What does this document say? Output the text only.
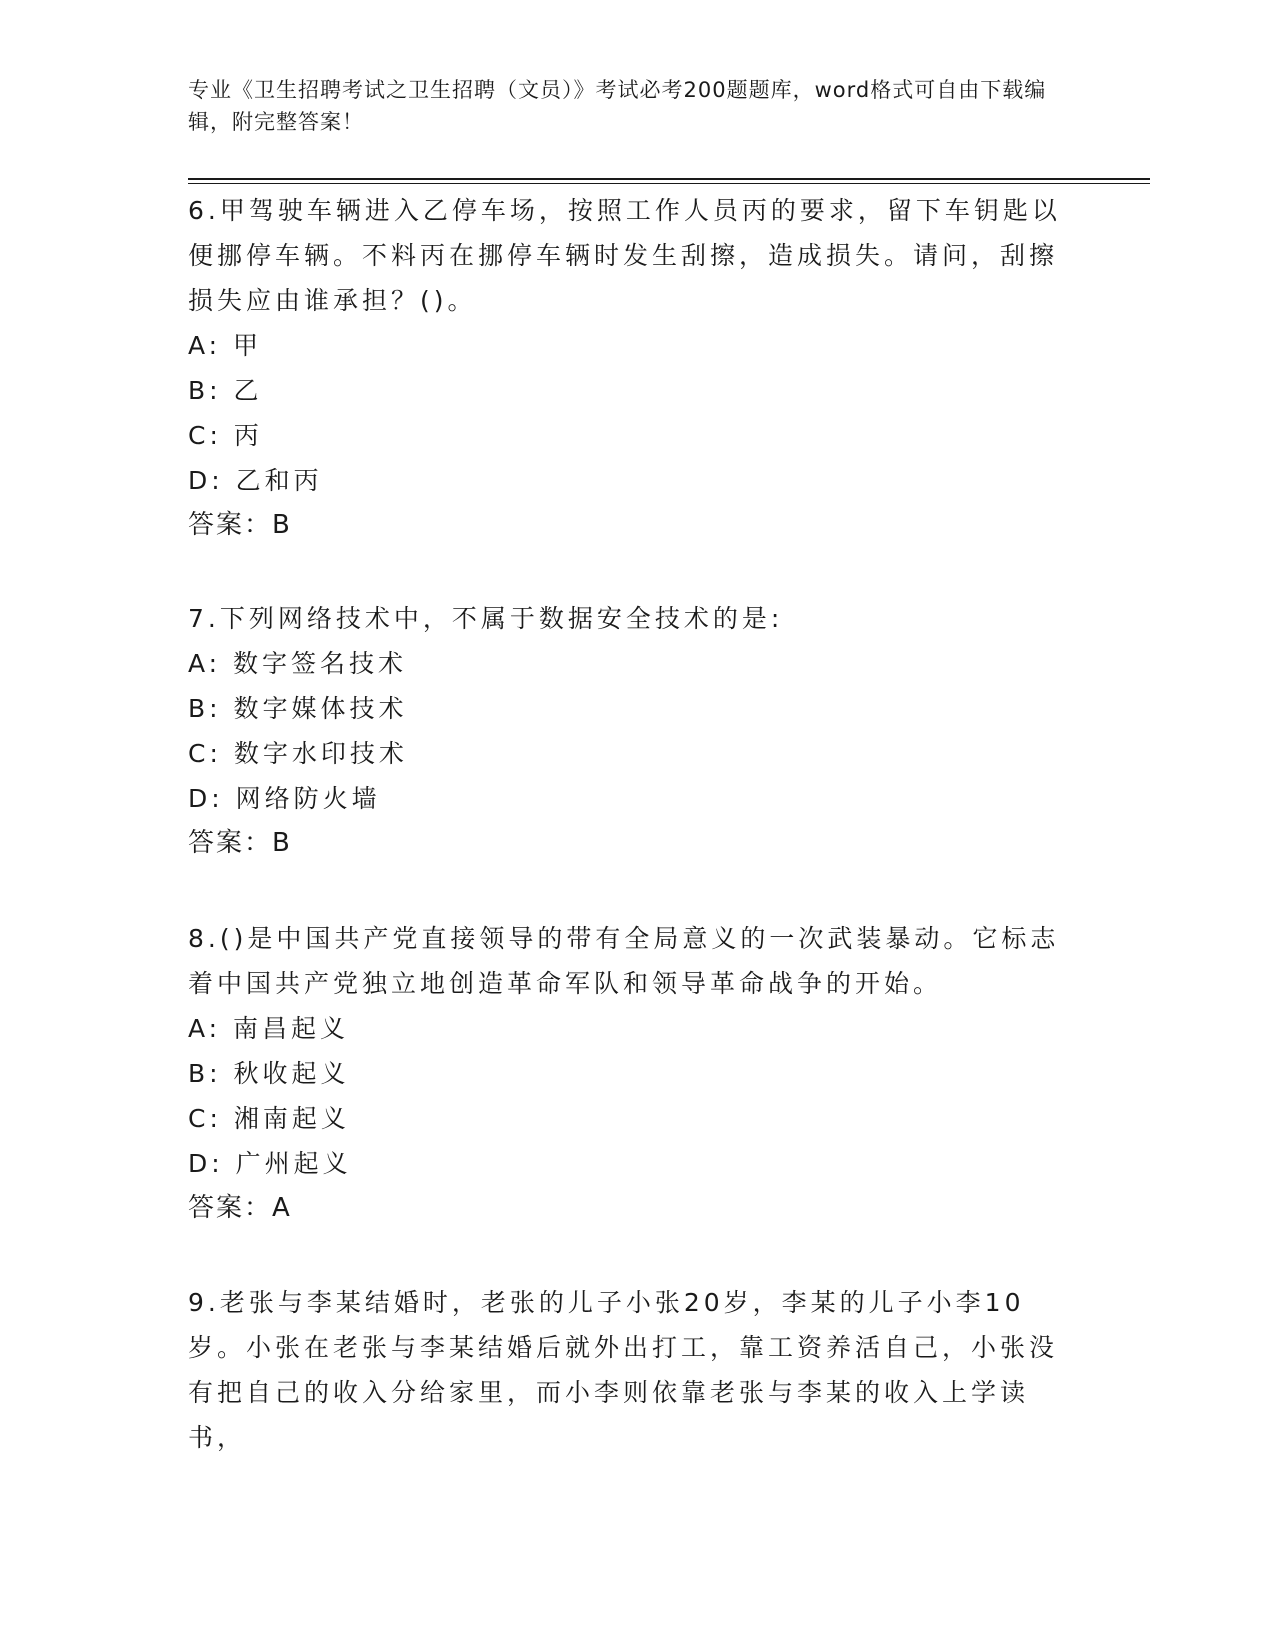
专业《卫生招聘考试之卫生招聘（文员）》考试必考200题题库，word格式可自由下载编辑，附完整答案！

6.甲驾驶车辆进入乙停车场，按照工作人员丙的要求，留下车钥匙以便挪停车辆。不料丙在挪停车辆时发生刮擦，造成损失。请问，刮擦损失应由谁承担？()。

A: 甲

B: 乙

C: 丙

D: 乙和丙

答案：B

7.下列网络技术中，不属于数据安全技术的是:

A: 数字签名技术

B: 数字媒体技术

C: 数字水印技术

D: 网络防火墙

答案：B

8.()是中国共产党直接领导的带有全局意义的一次武装暴动。它标志着中国共产党独立地创造革命军队和领导革命战争的开始。

A: 南昌起义

B: 秋收起义

C: 湘南起义

D: 广州起义

答案：A

9.老张与李某结婚时，老张的儿子小张20岁，李某的儿子小李10岁。小张在老张与李某结婚后就外出打工，靠工资养活自己，小张没有把自己的收入分给家里，而小李则依靠老张与李某的收入上学读书，
